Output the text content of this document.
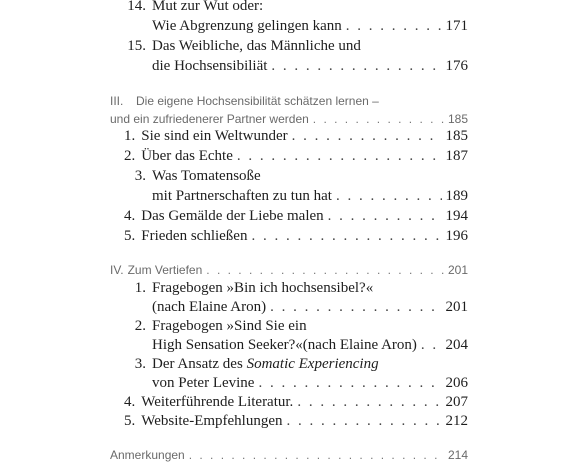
14. Mut zur Wut oder:
Wie Abgrenzung gelingen kann . . .	171
15. Das Weibliche, das Männliche und
die Hochsensibiliät . . .	176
III.	Die eigene Hochsensibilität schätzen lernen –
und ein zufriedenerer Partner werden . . .	185
1. Sie sind ein Weltwunder . . .	185
2. Über das Echte . . .	187
3. Was Tomatensoße
mit Partnerschaften zu tun hat . . .	189
4. Das Gemälde der Liebe malen . . .	194
5. Frieden schließen . . .	196
IV. Zum Vertiefen . . .	201
1. Fragebogen »Bin ich hochsensibel?«
(nach Elaine Aron) . . .	201
2. Fragebogen »Sind Sie ein
High Sensation Seeker?«(nach Elaine Aron) . . . 204
3. Der Ansatz des Somatic Experiencing
von Peter Levine . . .	206
4. Weiterführende Literatur. . . .	207
5. Website-Empfehlungen . . .	212
Anmerkungen . . .	214
